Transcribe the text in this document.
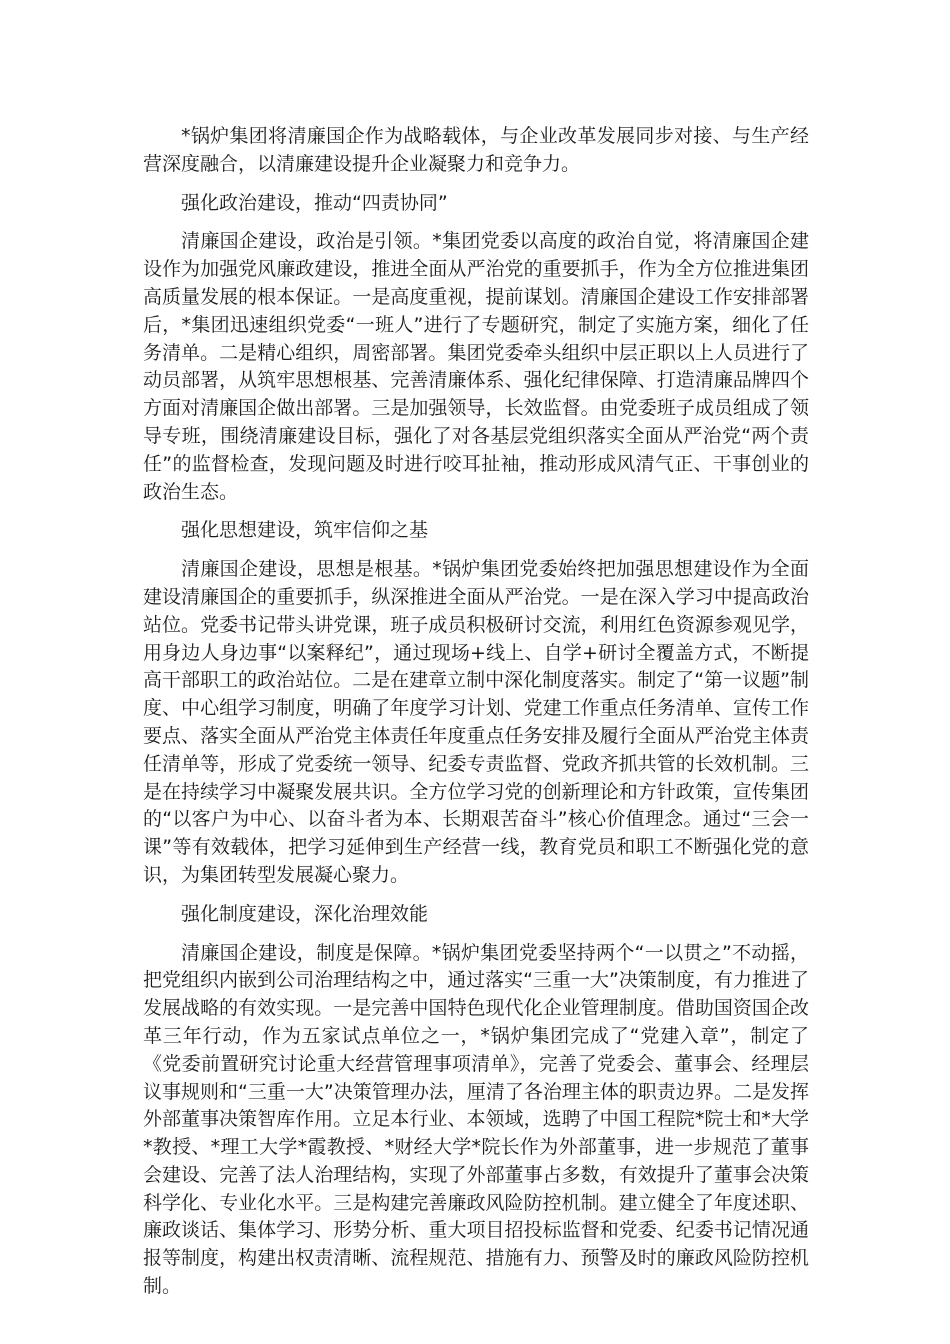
*锅炉集团将清廉国企作为战略载体，与企业改革发展同步对接、与生产经营深度融合，以清廉建设提升企业凝聚力和竞争力。

强化政治建设，推动“四责协同”

清廉国企建设，政治是引领。*集团党委以高度的政治自觉，将清廉国企建设作为加强党风廉政建设，推进全面从严治党的重要抓手，作为全方位推进集团高质量发展的根本保证。一是高度重视，提前谋划。清廉国企建设工作安排部署后，*集团迅速组织党委“一班人”进行了专题研究，制定了实施方案，细化了任务清单。二是精心组织，周密部署。集团党委牵头组织中层正职以上人员进行了动员部署，从筑牢思想根基、完善清廉体系、强化纪律保障、打造清廉品牌四个方面对清廉国企做出部署。三是加强领导，长效监督。由党委班子成员组成了领导专班，围绕清廉建设目标，强化了对各基层党组织落实全面从严治党“两个责任”的监督检查，发现问题及时进行咬耳扯袖，推动形成风清气正、干事创业的政治生态。

强化思想建设，筑牢信仰之基

清廉国企建设，思想是根基。*锅炉集团党委始终把加强思想建设作为全面建设清廉国企的重要抓手，纵深推进全面从严治党。一是在深入学习中提高政治站位。党委书记带头讲党课，班子成员积极研讨交流，利用红色资源参观见学，用身边人身边事“以案释纪”，通过现场+线上、自学+研讨全覆盖方式，不断提高干部职工的政治站位。二是在建章立制中深化制度落实。制定了“第一议题”制度、中心组学习制度，明确了年度学习计划、党建工作重点任务清单、宣传工作要点、落实全面从严治党主体责任年度重点任务安排及履行全面从严治党主体责任清单等，形成了党委统一领导、纪委专责监督、党政齐抓共管的长效机制。三是在持续学习中凝聚发展共识。全方位学习党的创新理论和方针政策，宣传集团的“以客户为中心、以奋斗者为本、长期艰苦奋斗”核心价值理念。通过“三会一课”等有效载体，把学习延伸到生产经营一线，教育党员和职工不断强化党的意识，为集团转型发展凝心聚力。

强化制度建设，深化治理效能

清廉国企建设，制度是保障。*锅炉集团党委坚持两个“一以贯之”不动摇，把党组织内嵌到公司治理结构之中，通过落实“三重一大”决策制度，有力推进了发展战略的有效实现。一是完善中国特色现代化企业管理制度。借助国资国企改革三年行动，作为五家试点单位之一，*锅炉集团完成了“党建入章”，制定了《党委前置研究讨论重大经营管理事项清单》，完善了党委会、董事会、经理层议事规则和“三重一大”决策管理办法，厘清了各治理主体的职责边界。二是发挥外部董事决策智库作用。立足本行业、本领域，选聘了中国工程院*院士和*大学*教授、*理工大学*霞教授、*财经大学*院长作为外部董事，进一步规范了董事会建设、完善了法人治理结构，实现了外部董事占多数，有效提升了董事会决策科学化、专业化水平。三是构建完善廉政风险防控机制。建立健全了年度述职、廉政谈话、集体学习、形势分析、重大项目招投标监督和党委、纪委书记情况通报等制度，构建出权责清晰、流程规范、措施有力、预警及时的廉政风险防控机制。
